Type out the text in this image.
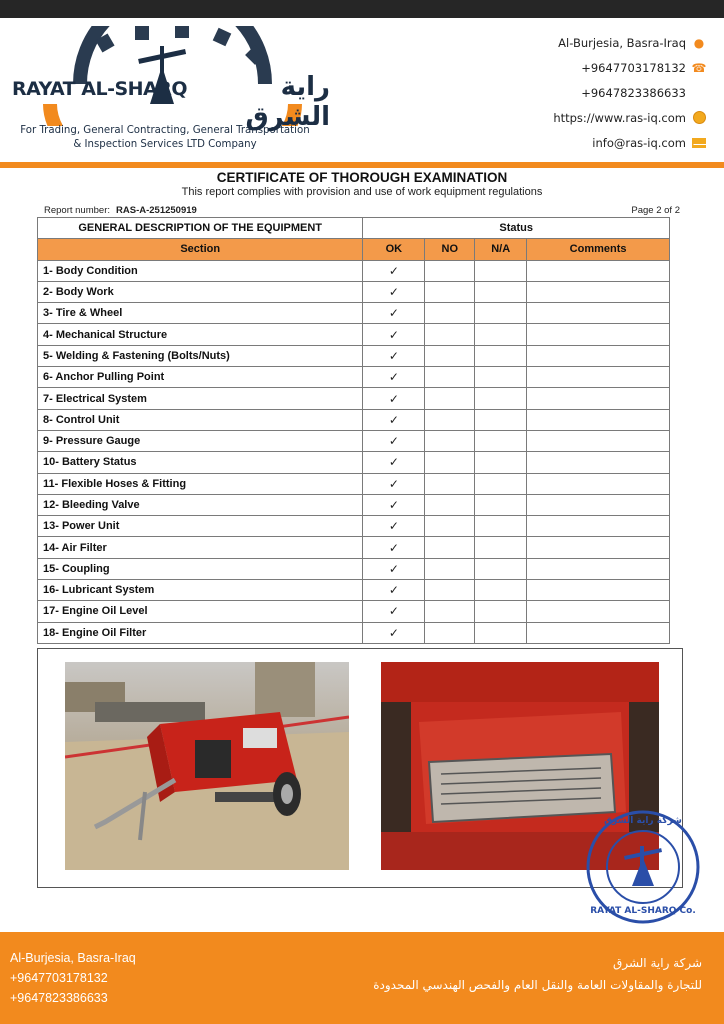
RAYAT AL-SHARQ	راية الشرق
For Trading, General Contracting, General Transportation
& Inspection Services LTD Company
Al-Burjesia, Basra-Iraq ●
+9647703178132 ☎
+9647823386633
https://www.ras-iq.com
info@ras-iq.com
CERTIFICATE OF THOROUGH EXAMINATION
This report complies with provision and use of work equipment regulations
Report number: RAS-A-251250919	Page 2 of 2
GENERAL DESCRIPTION OF THE EQUIPMENT	Status			
Section	OK	NO	N/A	Comments
1- Body Condition	✓			
2- Body Work	✓			
3- Tire & Wheel	✓			
4- Mechanical Structure	✓			
5- Welding & Fastening (Bolts/Nuts)	✓			
6- Anchor Pulling Point	✓			
7- Electrical System	✓			
8- Control Unit	✓			
9- Pressure Gauge	✓			
10- Battery Status	✓			
11- Flexible Hoses & Fitting	✓			
12- Bleeding Valve	✓			
13- Power Unit	✓			
14- Air Filter	✓			
15- Coupling	✓			
16- Lubricant System	✓			
17- Engine Oil Level	✓			
18- Engine Oil Filter	✓			
شركة راية الشرق
RAYAT AL-SHARQ Co.
Al-Burjesia, Basra-Iraq
+9647703178132
+9647823386633
شركة راية الشرق
للتجارة والمقاولات العامة والنقل العام والفحص الهندسي المحدودة
